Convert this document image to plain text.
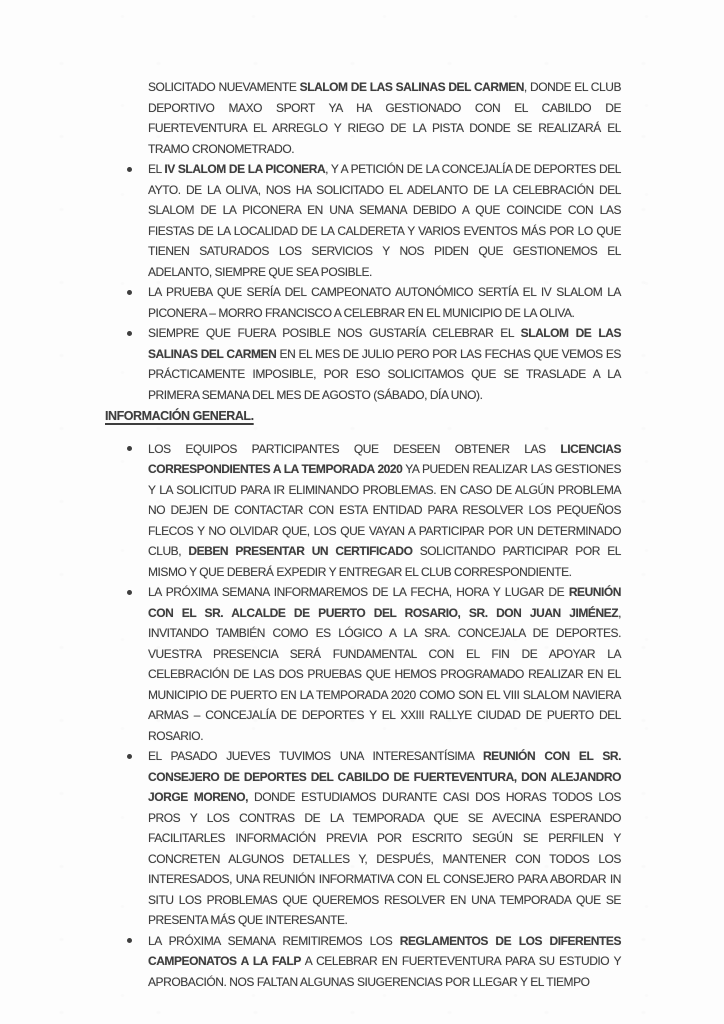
SOLICITADO NUEVAMENTE SLALOM DE LAS SALINAS DEL CARMEN, DONDE EL CLUB DEPORTIVO MAXO SPORT YA HA GESTIONADO CON EL CABILDO DE FUERTEVENTURA EL ARREGLO Y RIEGO DE LA PISTA DONDE SE REALIZARÁ EL TRAMO CRONOMETRADO.

EL IV SLALOM DE LA PICONERA, Y A PETICIÓN DE LA CONCEJALÍA DE DEPORTES DEL AYTO. DE LA OLIVA, NOS HA SOLICITADO EL ADELANTO DE LA CELEBRACIÓN DEL SLALOM DE LA PICONERA EN UNA SEMANA DEBIDO A QUE COINCIDE CON LAS FIESTAS DE LA LOCALIDAD DE LA CALDERETA Y VARIOS EVENTOS MÁS POR LO QUE TIENEN SATURADOS LOS SERVICIOS Y NOS PIDEN QUE GESTIONEMOS EL ADELANTO, SIEMPRE QUE SEA POSIBLE.
LA PRUEBA QUE SERÍA DEL CAMPEONATO AUTONÓMICO SERTÍA EL IV SLALOM LA PICONERA – MORRO FRANCISCO A CELEBRAR EN EL MUNICIPIO DE LA OLIVA.
SIEMPRE QUE FUERA POSIBLE NOS GUSTARÍA CELEBRAR EL SLALOM DE LAS SALINAS DEL CARMEN EN EL MES DE JULIO PERO POR LAS FECHAS QUE VEMOS ES PRÁCTICAMENTE IMPOSIBLE, POR ESO SOLICITAMOS QUE SE TRASLADE A LA PRIMERA SEMANA DEL MES DE AGOSTO (SÁBADO, DÍA UNO).
INFORMACIÓN GENERAL.
LOS EQUIPOS PARTICIPANTES QUE DESEEN OBTENER LAS LICENCIAS CORRESPONDIENTES A LA TEMPORADA 2020 YA PUEDEN REALIZAR LAS GESTIONES Y LA SOLICITUD PARA IR ELIMINANDO PROBLEMAS. EN CASO DE ALGÚN PROBLEMA NO DEJEN DE CONTACTAR CON ESTA ENTIDAD PARA RESOLVER LOS PEQUEÑOS FLECOS Y NO OLVIDAR QUE, LOS QUE VAYAN A PARTICIPAR POR UN DETERMINADO CLUB, DEBEN PRESENTAR UN CERTIFICADO SOLICITANDO PARTICIPAR POR EL MISMO Y QUE DEBERÁ EXPEDIR Y ENTREGAR EL CLUB CORRESPONDIENTE.
LA PRÓXIMA SEMANA INFORMAREMOS DE LA FECHA, HORA Y LUGAR DE REUNIÓN CON EL SR. ALCALDE DE PUERTO DEL ROSARIO, SR. DON JUAN JIMÉNEZ, INVITANDO TAMBIÉN COMO ES LÓGICO A LA SRA. CONCEJALA DE DEPORTES. VUESTRA PRESENCIA SERÁ FUNDAMENTAL CON EL FIN DE APOYAR LA CELEBRACIÓN DE LAS DOS PRUEBAS QUE HEMOS PROGRAMADO REALIZAR EN EL MUNICIPIO DE PUERTO EN LA TEMPORADA 2020 COMO SON EL VIII SLALOM NAVIERA ARMAS – CONCEJALÍA DE DEPORTES Y EL XXIII RALLYE CIUDAD DE PUERTO DEL ROSARIO.
EL PASADO JUEVES TUVIMOS UNA INTERESANTÍSIMA REUNIÓN CON EL SR. CONSEJERO DE DEPORTES DEL CABILDO DE FUERTEVENTURA, DON ALEJANDRO JORGE MORENO, DONDE ESTUDIAMOS DURANTE CASI DOS HORAS TODOS LOS PROS Y LOS CONTRAS DE LA TEMPORADA QUE SE AVECINA ESPERANDO FACILITARLES INFORMACIÓN PREVIA POR ESCRITO SEGÚN SE PERFILEN Y CONCRETEN ALGUNOS DETALLES Y, DESPUÉS, MANTENER CON TODOS LOS INTERESADOS, UNA REUNIÓN INFORMATIVA CON EL CONSEJERO PARA ABORDAR IN SITU LOS PROBLEMAS QUE QUEREMOS RESOLVER EN UNA TEMPORADA QUE SE PRESENTA MÁS QUE INTERESANTE.
LA PRÓXIMA SEMANA REMITIREMOS LOS REGLAMENTOS DE LOS DIFERENTES CAMPEONATOS A LA FALP A CELEBRAR EN FUERTEVENTURA PARA SU ESTUDIO Y APROBACIÓN. NOS FALTAN ALGUNAS SIUGERENCIAS POR LLEGAR Y EL TIEMPO
